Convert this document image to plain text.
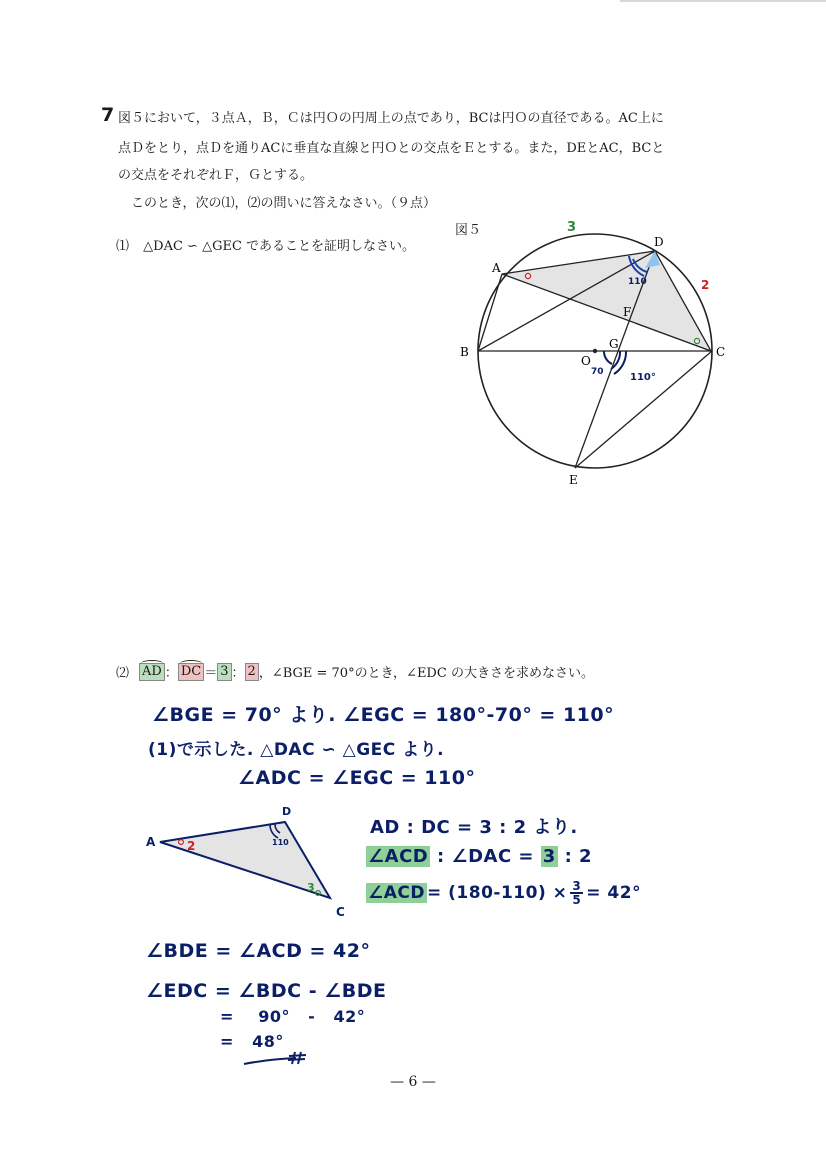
7 図５において，３点Ａ，Ｂ，Ｃは円Ｏの円周上の点であり，BCは円Ｏの直径である。AC上に
点Ｄをとり，点Ｄを通りACに垂直な直線と円Ｏとの交点をＥとする。また，DEとAC，BCと
の交点をそれぞれＦ，Ｇとする。
このとき，次の⑴，⑵の問いに答えなさい。（９点）
図５
A
B	C
D
E
F
G
O
3
2
110
70	110°
⑴ △DAC ∽ △GEC であることを証明しなさい。
⑵ AD ： DC ＝ 3 ： 2 ，∠BGE = 70°のとき，∠EDC の大きさを求めなさい。
∠BGE = 70° より. ∠EGC = 180°-70° = 110°
(1)で示した. △DAC ∽ △GEC より.
∠ADC = ∠EGC = 110°
A
D
C
2	110
3
AD : DC = 3 : 2 より.
∠ACD : ∠DAC = 3 : 2
∠ACD = $(180-110) \times \frac{3}{5} = 42^\circ$
∠BDE = ∠ACD = 42°
∠EDC = ∠BDC - ∠BDE
=    90°   -   42°
=   48°
— 6 —
